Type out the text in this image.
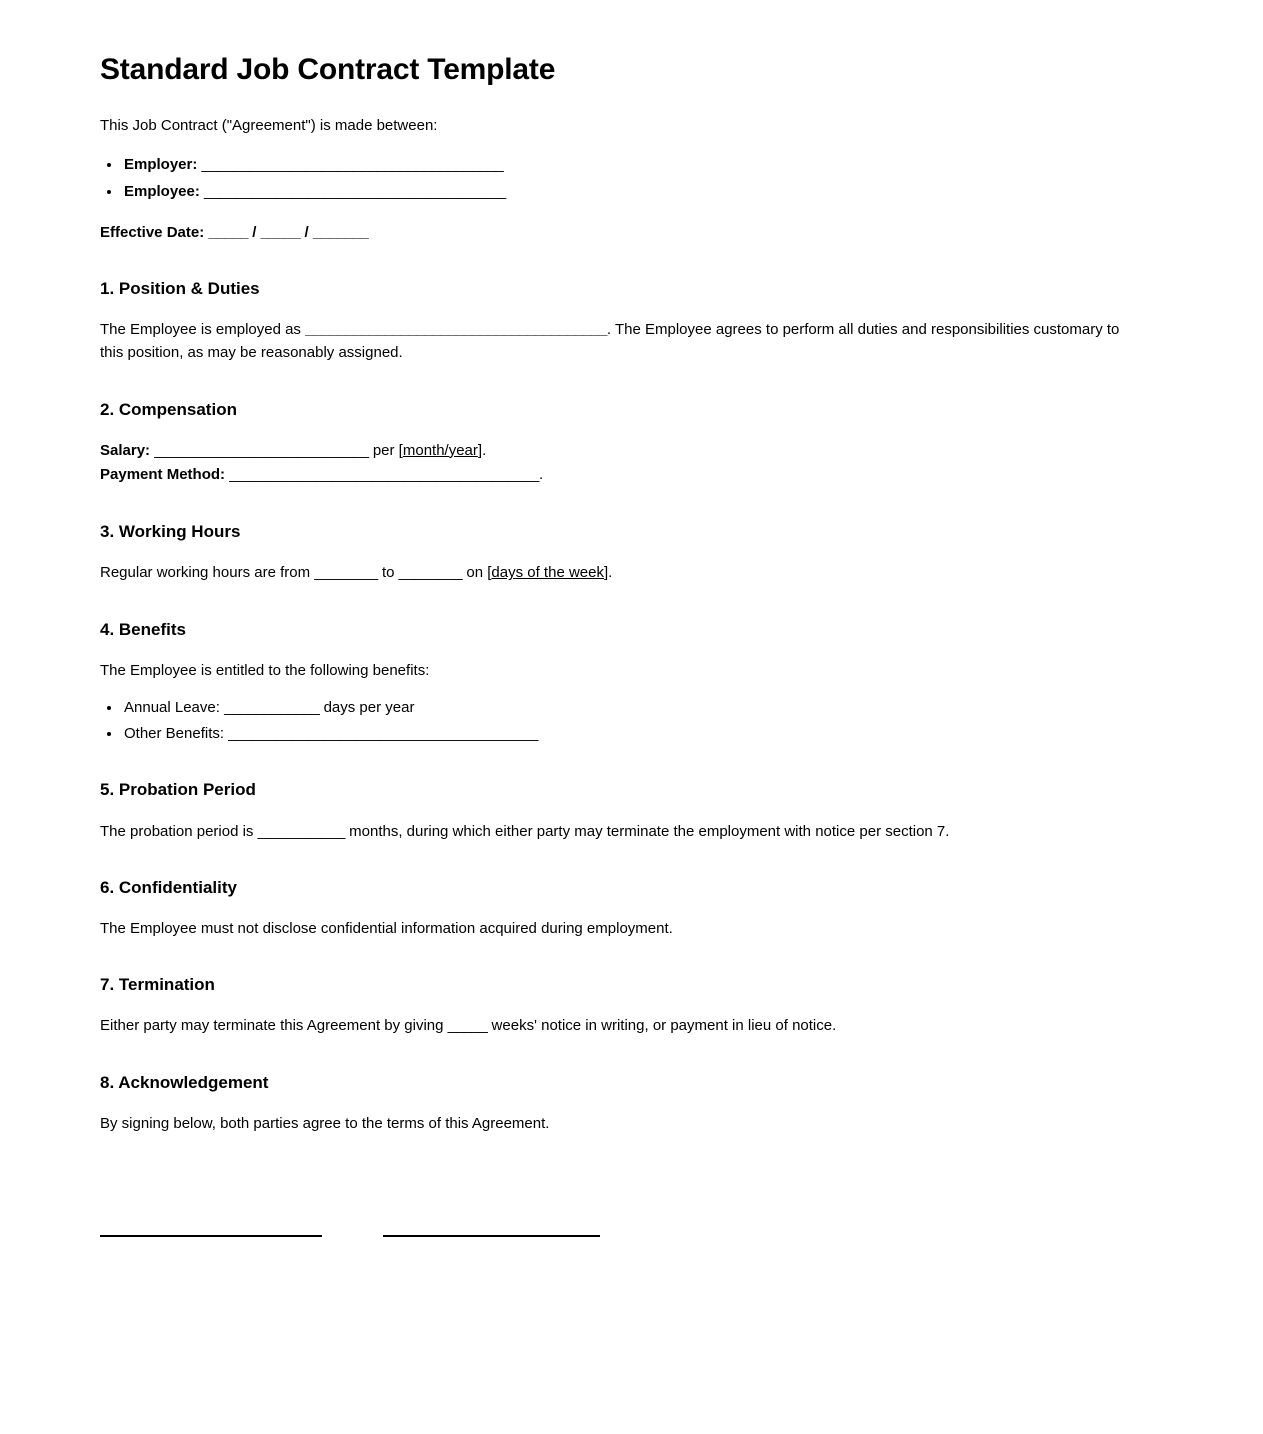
Standard Job Contract Template

This Job Contract ("Agreement") is made between:

• Employer: ______________________________________
• Employee: ______________________________________

Effective Date: _____ / _____ / _______

1. Position & Duties

The Employee is employed as ______________________________________. The Employee agrees to perform all duties and responsibilities customary to this position, as may be reasonably assigned.

2. Compensation

Salary: ___________________________ per [month/year].
Payment Method: _______________________________________.

3. Working Hours

Regular working hours are from ________ to ________ on [days of the week].

4. Benefits

The Employee is entitled to the following benefits:

• Annual Leave: ____________ days per year
• Other Benefits: _______________________________________
5. Probation Period

The probation period is ___________ months, during which either party may terminate the employment with notice per section 7.

6. Confidentiality

The Employee must not disclose confidential information acquired during employment.

7. Termination

Either party may terminate this Agreement by giving _____ weeks' notice in writing, or payment in lieu of notice.

8. Acknowledgement

By signing below, both parties agree to the terms of this Agreement.
